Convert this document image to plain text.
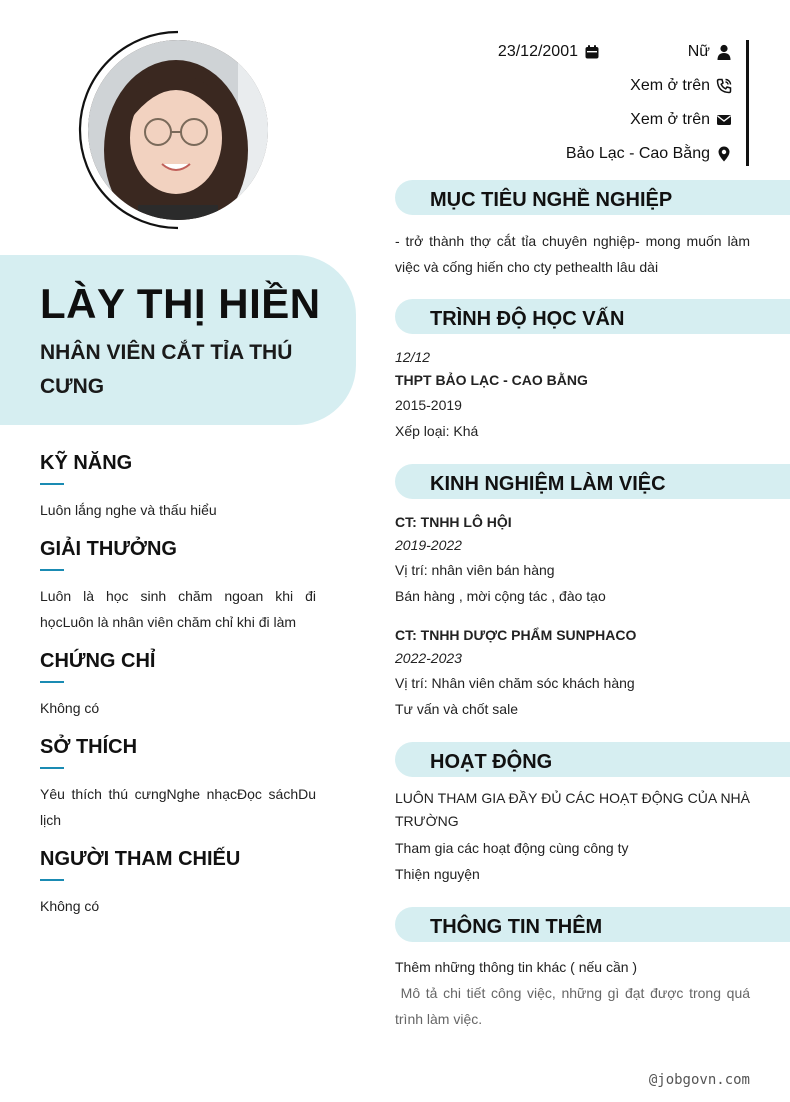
LÀY THỊ HIỀN
NHÂN VIÊN CẮT TỈA THÚ CƯNG
KỸ NĂNG

Luôn lắng nghe và thấu hiểu

GIẢI THƯỞNG

Luôn là học sinh chăm ngoan khi đi họcLuôn là nhân viên chăm chỉ khi đi làm

CHỨNG CHỈ

Không có

SỞ THÍCH

Yêu thích thú cưngNghe nhạcĐọc sáchDu lịch

NGƯỜI THAM CHIẾU

Không có

23/12/2001	Nữ
Xem ở trên
Xem ở trên
Bảo Lạc - Cao Bằng
MỤC TIÊU NGHỀ NGHIỆP
- trở thành thợ cắt tỉa chuyên nghiệp- mong muốn làm việc và cống hiến cho cty pethealth lâu dài
TRÌNH ĐỘ HỌC VẤN
12/12
THPT BẢO LẠC - CAO BẰNG
2015-2019
Xếp loại: Khá
KINH NGHIỆM LÀM VIỆC
CT: TNHH LÔ HỘI
2019-2022
Vị trí: nhân viên bán hàng
Bán hàng , mời cộng tác , đào tạo
CT: TNHH DƯỢC PHẨM SUNPHACO
2022-2023
Vị trí: Nhân viên chăm sóc khách hàng
Tư vấn và chốt sale
HOẠT ĐỘNG
LUÔN THAM GIA ĐẦY ĐỦ CÁC HOẠT ĐỘNG CỦA NHÀ TRƯỜNG
Tham gia các hoạt động cùng công ty
Thiện nguyện
THÔNG TIN THÊM
Thêm những thông tin khác ( nếu cần )
Mô tả chi tiết công việc, những gì đạt được trong quá trình làm việc.
@jobgovn.com
